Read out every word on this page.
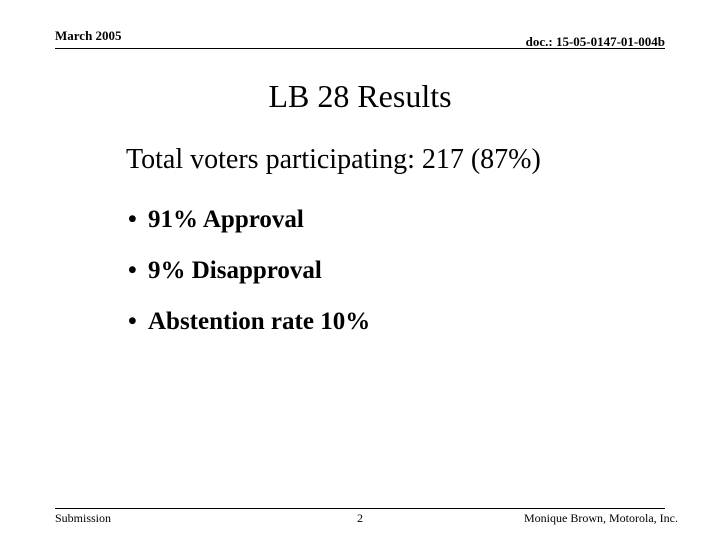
March 2005	doc.: 15-05-0147-01-004b
LB 28 Results
Total voters participating: 217 (87%)
• 91% Approval
• 9% Disapproval
• Abstention rate 10%
Submission	2	Monique Brown, Motorola, Inc.
